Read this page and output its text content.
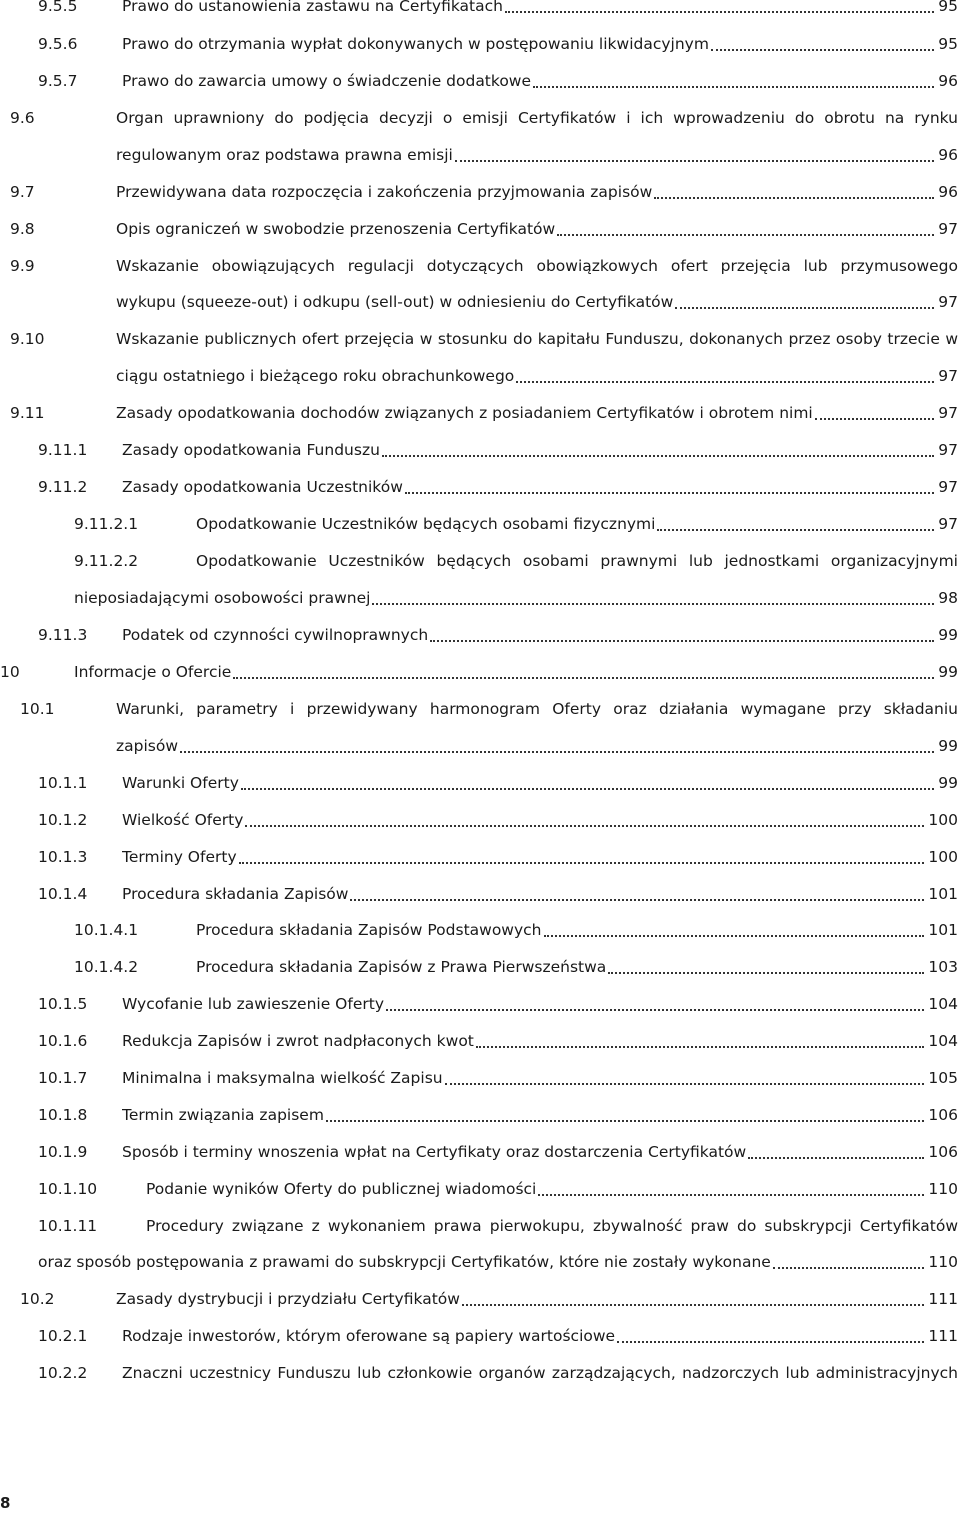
9.5.5	Prawo do ustanowienia zastawu na Certyfikatach	95
9.5.6	Prawo do otrzymania wypłat dokonywanych w postępowaniu likwidacyjnym	95
9.5.7	Prawo do zawarcia umowy o świadczenie dodatkowe	96
9.6	Organ uprawniony do podjęcia decyzji o emisji Certyfikatów i ich wprowadzeniu do obrotu na rynku
regulowanym oraz podstawa prawna emisji	96
9.7	Przewidywana data rozpoczęcia i zakończenia przyjmowania zapisów	96
9.8	Opis ograniczeń w swobodzie przenoszenia Certyfikatów	97
9.9	Wskazanie obowiązujących regulacji dotyczących obowiązkowych ofert przejęcia lub przymusowego
wykupu (squeeze-out) i odkupu (sell-out) w odniesieniu do Certyfikatów	97
9.10	Wskazanie publicznych ofert przejęcia w stosunku do kapitału Funduszu, dokonanych przez osoby trzecie w
ciągu ostatniego i bieżącego roku obrachunkowego	97
9.11	Zasady opodatkowania dochodów związanych z posiadaniem Certyfikatów i obrotem nimi	97
9.11.1 Zasady opodatkowania Funduszu	97
9.11.2 Zasady opodatkowania Uczestników	97
9.11.2.1	Opodatkowanie Uczestników będących osobami fizycznymi	97
9.11.2.2	Opodatkowanie Uczestników będących osobami prawnymi lub jednostkami organizacyjnymi
nieposiadającymi osobowości prawnej	98
9.11.3 Podatek od czynności cywilnoprawnych	99
10	Informacje o Ofercie	99
10.1	Warunki, parametry i przewidywany harmonogram Oferty oraz działania wymagane przy składaniu
zapisów	99
10.1.1 Warunki Oferty	99
10.1.2 Wielkość Oferty	100
10.1.3 Terminy Oferty	100
10.1.4 Procedura składania Zapisów	101
10.1.4.1	Procedura składania Zapisów Podstawowych	101
10.1.4.2	Procedura składania Zapisów z Prawa Pierwszeństwa	103
10.1.5 Wycofanie lub zawieszenie Oferty	104
10.1.6 Redukcja Zapisów i zwrot nadpłaconych kwot	104
10.1.7 Minimalna i maksymalna wielkość Zapisu	105
10.1.8 Termin związania zapisem	106
10.1.9 Sposób i terminy wnoszenia wpłat na Certyfikaty oraz dostarczenia Certyfikatów	106
10.1.10	Podanie wyników Oferty do publicznej wiadomości	110
10.1.11	Procedury związane z wykonaniem prawa pierwokupu, zbywalność praw do subskrypcji Certyfikatów
oraz sposób postępowania z prawami do subskrypcji Certyfikatów, które nie zostały wykonane	110
10.2	Zasady dystrybucji i przydziału Certyfikatów	111
10.2.1 Rodzaje inwestorów, którym oferowane są papiery wartościowe	111
10.2.2 Znaczni uczestnicy Funduszu lub członkowie organów zarządzających, nadzorczych lub administracyjnych
8
